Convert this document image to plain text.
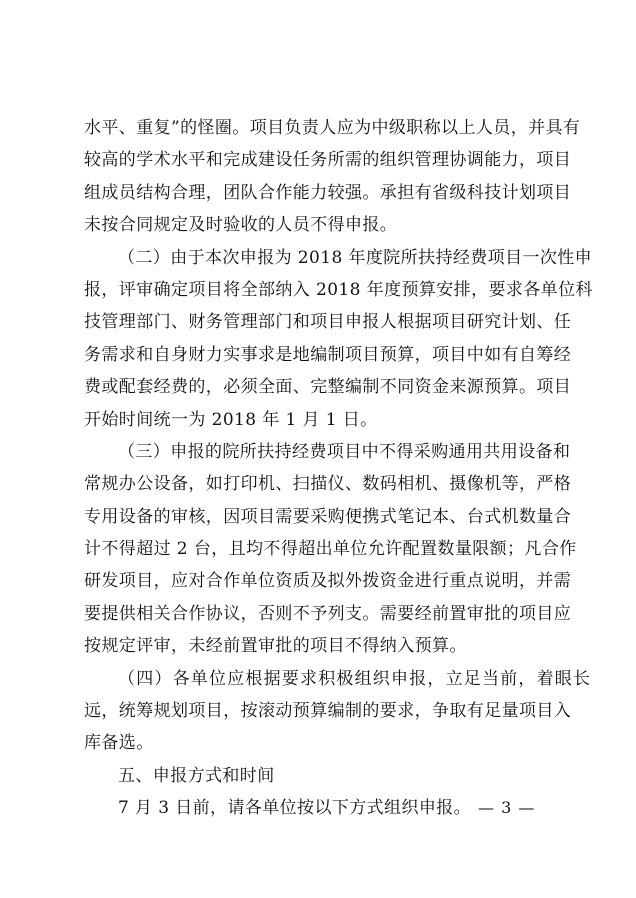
水平、重复”的怪圈。项目负责人应为中级职称以上人员，并具有
较高的学术水平和完成建设任务所需的组织管理协调能力，项目
组成员结构合理，团队合作能力较强。承担有省级科技计划项目
未按合同规定及时验收的人员不得申报。
（二）由于本次申报为 2018 年度院所扶持经费项目一次性申
报，评审确定项目将全部纳入 2018 年度预算安排，要求各单位科
技管理部门、财务管理部门和项目申报人根据项目研究计划、任
务需求和自身财力实事求是地编制项目预算，项目中如有自筹经
费或配套经费的，必须全面、完整编制不同资金来源预算。项目
开始时间统一为 2018 年 1 月 1 日。
（三）申报的院所扶持经费项目中不得采购通用共用设备和
常规办公设备，如打印机、扫描仪、数码相机、摄像机等，严格
专用设备的审核，因项目需要采购便携式笔记本、台式机数量合
计不得超过 2 台，且均不得超出单位允许配置数量限额；凡合作
研发项目，应对合作单位资质及拟外拨资金进行重点说明，并需
要提供相关合作协议，否则不予列支。需要经前置审批的项目应
按规定评审，未经前置审批的项目不得纳入预算。
（四）各单位应根据要求积极组织申报，立足当前，着眼长
远，统筹规划项目，按滚动预算编制的要求，争取有足量项目入
库备选。
五、申报方式和时间
7 月 3 日前，请各单位按以下方式组织申报。 — 3 —
